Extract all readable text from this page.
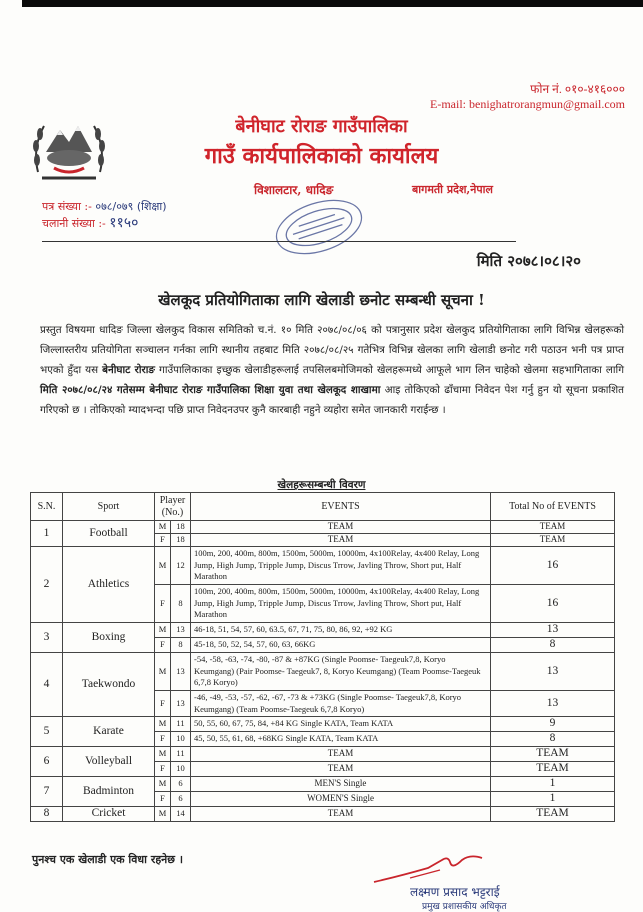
फोन नं. ०१०-४१६०००
E-mail: benighatrorangmun@gmail.com
बेनीघाट रोराङ गाउँपालिका
गाउँ कार्यपालिकाको कार्यालय
विशालटार, धादिङ	बागमती प्रदेश,नेपाल
पत्र संख्या :- ०७८/०७९ (शिक्षा)
चलानी संख्या :- ११५०
मिति २०७८।०८।२०
खेलकूद प्रतियोगिताका लागि खेलाडी छनोट सम्बन्धी सूचना !
प्रस्तुत विषयमा धादिङ जिल्ला खेलकुद विकास समितिको च.नं. १० मिति २०७८/०८/०६ को पत्रानुसार प्रदेश खेलकुद प्रतियोगिताका लागि विभिन्न खेलहरूको जिल्लास्तरीय प्रतियोगिता सञ्चालन गर्नका लागि स्थानीय तहबाट मिति २०७८/०८/२५ गतेभित्र विभिन्न खेलका लागि खेलाडी छनोट गरी पठाउन भनी पत्र प्राप्त भएको हुँदा यस बेनीघाट रोराङ गाउँपालिकाका इच्छुक खेलाडीहरूलाई तपसिलबमोजिमको खेलहरूमध्ये आफूले भाग लिन चाहेको खेलमा सहभागिताका लागि मिति २०७८/०८/२४ गतेसम्म बेनीघाट रोराङ गाउँपालिका शिक्षा युवा तथा खेलकूद शाखामा आइ तोकिएको ढाँचामा निवेदन पेश गर्नु हुन यो सूचना प्रकाशित गरिएको छ । तोकिएको म्यादभन्दा पछि प्राप्त निवेदनउपर कुनै कारबाही नहुने व्यहोरा समेत जानकारी गराईन्छ ।
खेलहरूसम्बन्धी विवरण
S.N.	Sport	Player (No.)		EVENTS	Total No of EVENTS
1	Football	M	18	TEAM	TEAM
		F	18	TEAM	TEAM
2	Athletics	M	12	100m, 200, 400m, 800m, 1500m, 5000m, 10000m, 4x100Relay, 4x400 Relay, Long Jump, High Jump, Tripple Jump, Discus Trrow, Javling Throw, Short put, Half Marathon	16
		F	8	100m, 200, 400m, 800m, 1500m, 5000m, 10000m, 4x100Relay, 4x400 Relay, Long Jump, High Jump, Tripple Jump, Discus Trrow, Javling Throw, Short put, Half Marathon	16
3	Boxing	M	13	46-18, 51, 54, 57, 60, 63.5, 67, 71, 75, 80, 86, 92, +92 KG	13
		F	8	45-18, 50, 52, 54, 57, 60, 63, 66KG	8
4	Taekwondo	M	13	-54, -58, -63, -74, -80, -87 & +87KG (Single Poomse- Taegeuk7,8, Koryo Keumgang) (Pair Poomse- Taegeuk7, 8, Koryo Keumgang) (Team Poomse-Taegeuk 6,7,8 Koryo)	13
		F	13	-46, -49, -53, -57, -62, -67, -73 & +73KG (Single Poomse- Taegeuk7,8, Koryo Keumgang) (Team Poomse-Taegeuk 6,7,8 Koryo)	13
5	Karate	M	11	50, 55, 60, 67, 75, 84, +84 KG Single KATA, Team KATA	9
		F	10	45, 50, 55, 61, 68, +68KG Single KATA, Team KATA	8
6	Volleyball	M	11	TEAM	TEAM
		F	10	TEAM	TEAM
7	Badminton	M	6	MEN'S Single	1
		F	6	WOMEN'S Single	1
8	Cricket	M	14	TEAM	TEAM
पुनश्च एक खेलाडी एक विधा रहनेछ ।
लक्ष्मण प्रसाद भट्टराई
प्रमुख प्रशासकीय अधिकृत
